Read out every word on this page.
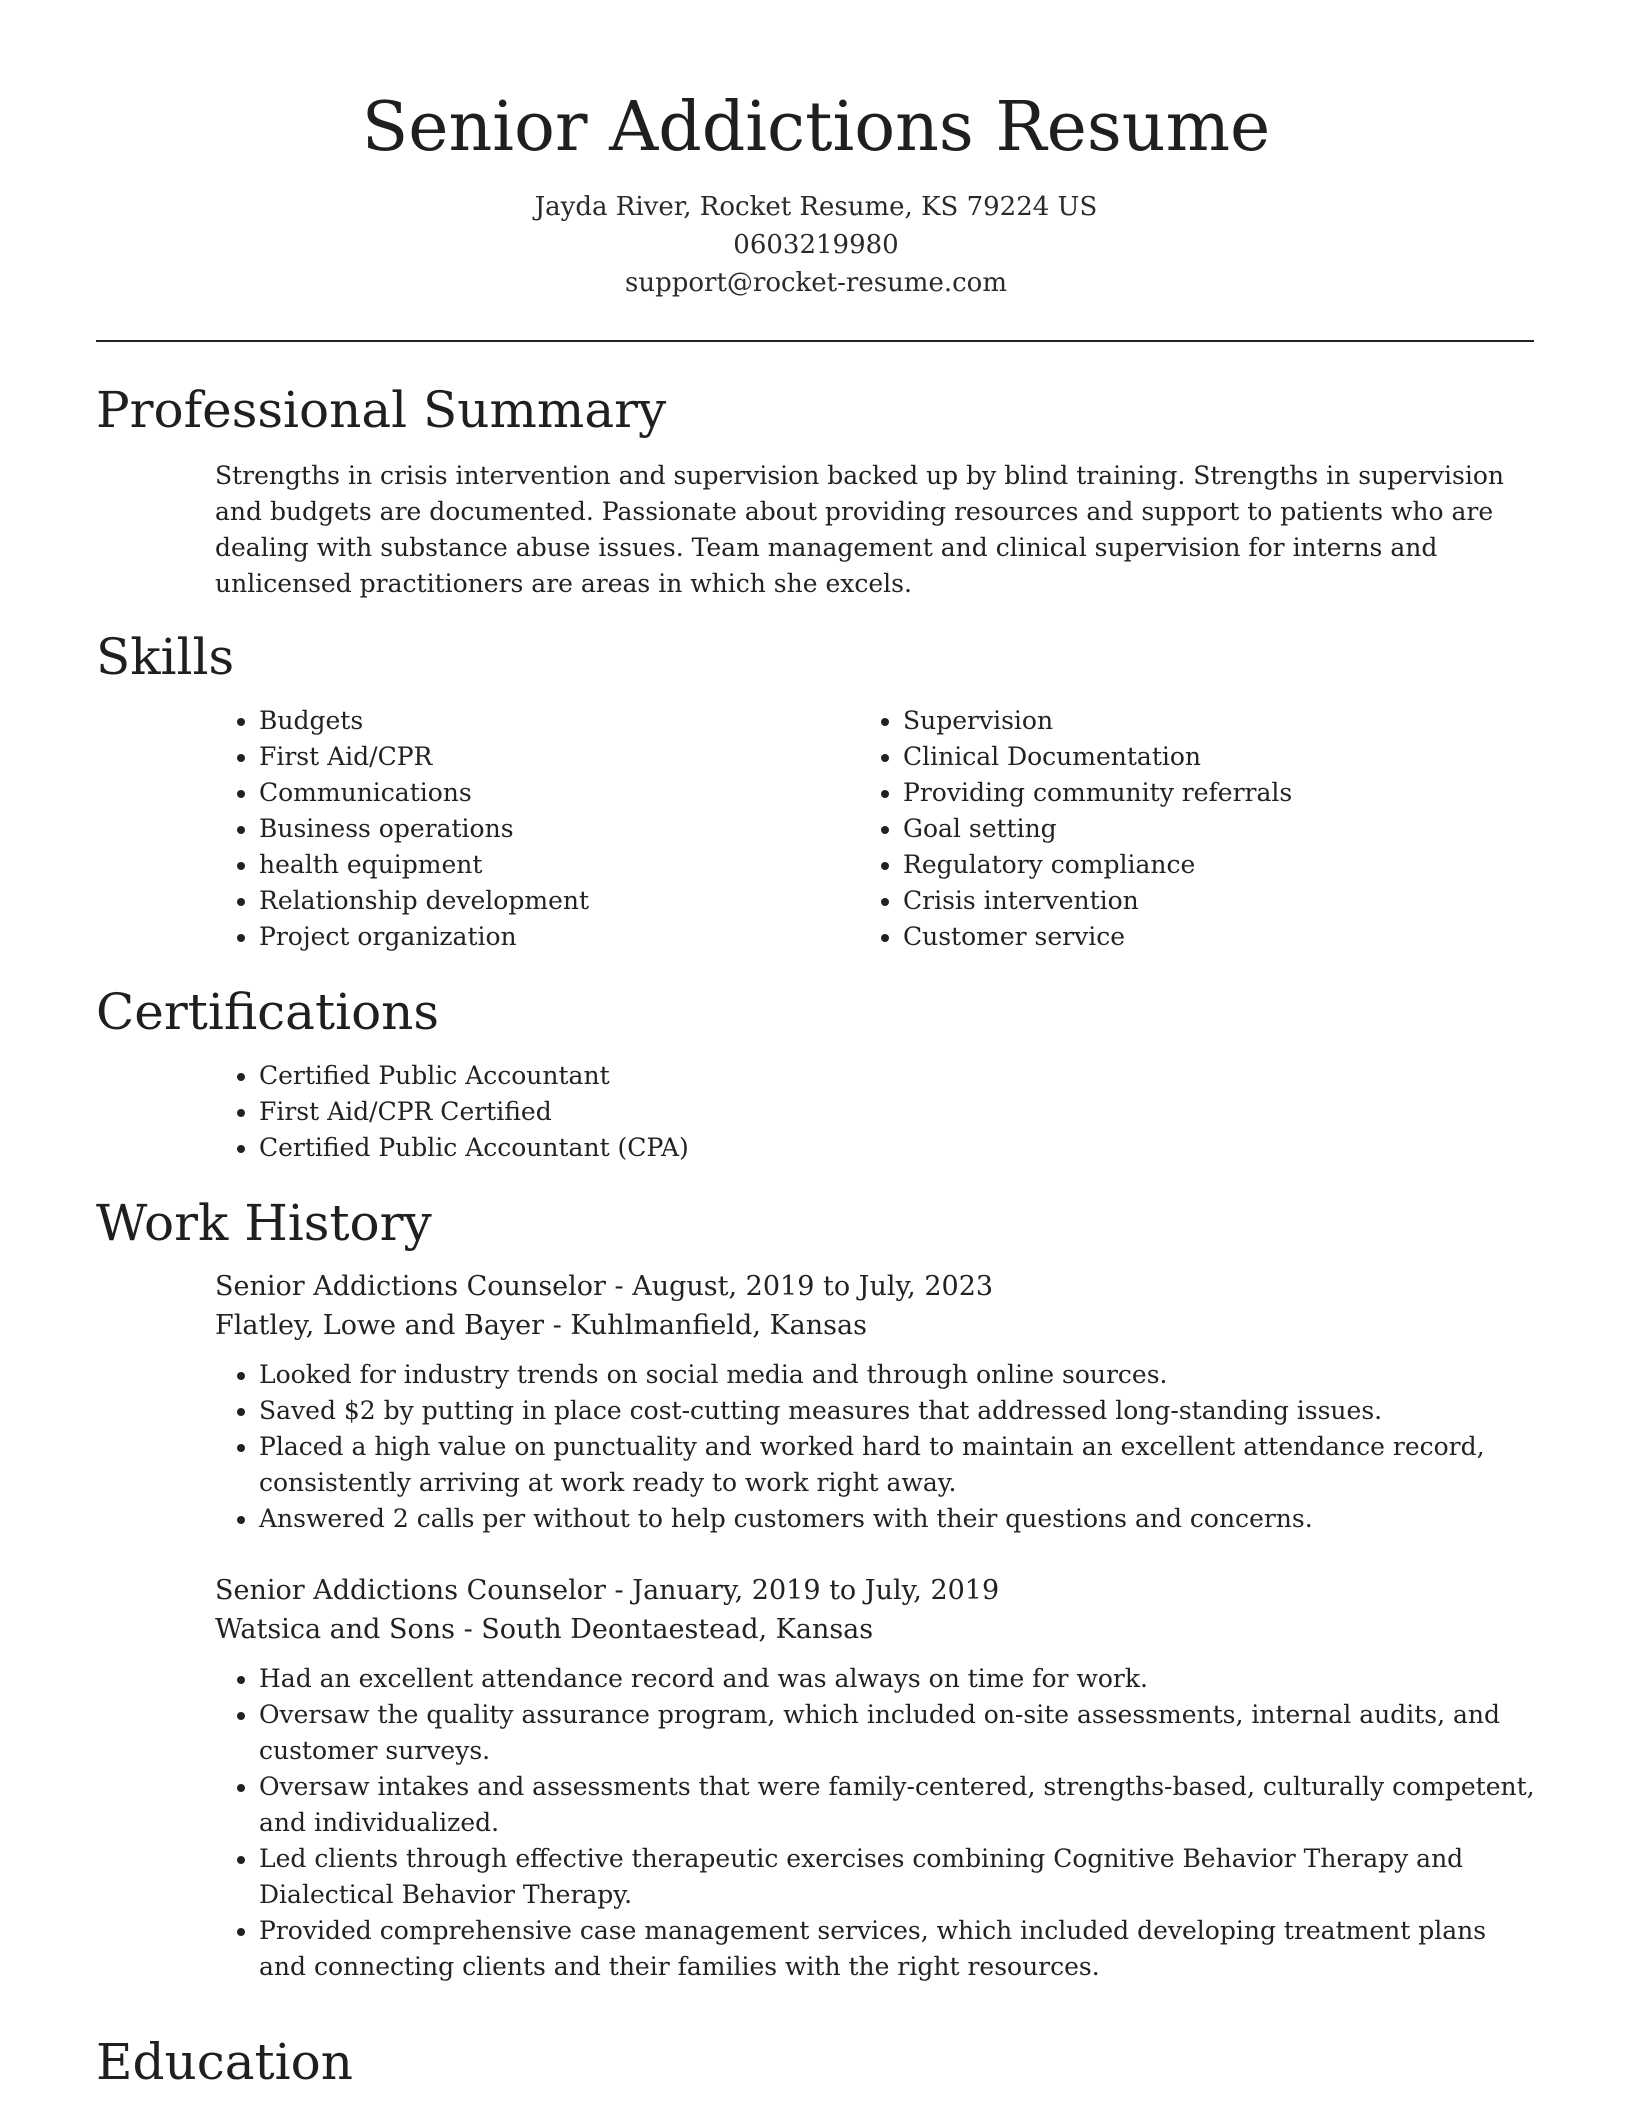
Senior Addictions Resume
Jayda River, Rocket Resume, KS 79224 US
0603219980
support@rocket-resume.com
Professional Summary
Strengths in crisis intervention and supervision backed up by blind training. Strengths in supervision and budgets are documented. Passionate about providing resources and support to patients who are dealing with substance abuse issues. Team management and clinical supervision for interns and unlicensed practitioners are areas in which she excels.
Skills
• Budgets
• First Aid/CPR
• Communications
• Business operations
• health equipment
• Relationship development
• Project organization
• Supervision
• Clinical Documentation
• Providing community referrals
• Goal setting
• Regulatory compliance
• Crisis intervention
• Customer service
Certifications
• Certified Public Accountant
• First Aid/CPR Certified
• Certified Public Accountant (CPA)
Work History
Senior Addictions Counselor - August, 2019 to July, 2023
Flatley, Lowe and Bayer - Kuhlmanfield, Kansas
• Looked for industry trends on social media and through online sources.
• Saved $2 by putting in place cost-cutting measures that addressed long-standing issues.
• Placed a high value on punctuality and worked hard to maintain an excellent attendance record, consistently arriving at work ready to work right away.
• Answered 2 calls per without to help customers with their questions and concerns.
Senior Addictions Counselor - January, 2019 to July, 2019
Watsica and Sons - South Deontaestead, Kansas
• Had an excellent attendance record and was always on time for work.
• Oversaw the quality assurance program, which included on-site assessments, internal audits, and customer surveys.
• Oversaw intakes and assessments that were family-centered, strengths-based, culturally competent, and individualized.
• Led clients through effective therapeutic exercises combining Cognitive Behavior Therapy and Dialectical Behavior Therapy.
• Provided comprehensive case management services, which included developing treatment plans and connecting clients and their families with the right resources.
Education
